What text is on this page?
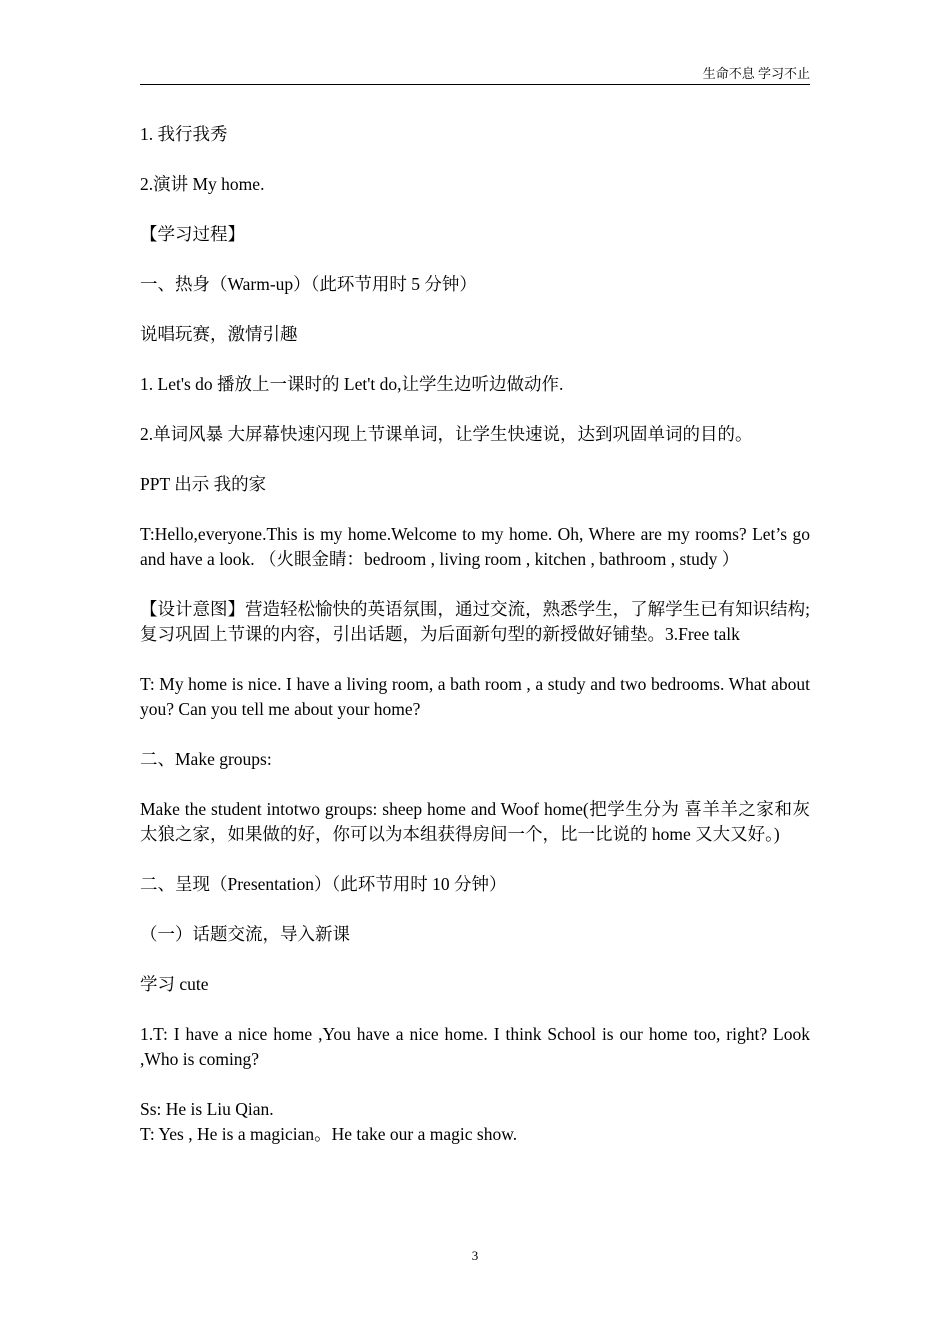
生命不息 学习不止

1. 我行我秀

2.演讲 My home.

【学习过程】

一、热身（Warm-up）（此环节用时 5 分钟）

说唱玩赛，激情引趣

1. Let's do 播放上一课时的 Let't do,让学生边听边做动作.

2.单词风暴 大屏幕快速闪现上节课单词，让学生快速说，达到巩固单词的目的。

PPT 出示 我的家

T:Hello,everyone.This is my home.Welcome to my home. Oh, Where are my rooms? Let’s go and have a look. （火眼金睛：bedroom , living room , kitchen , bathroom , study ）

【设计意图】营造轻松愉快的英语氛围，通过交流，熟悉学生，了解学生已有知识结构; 复习巩固上节课的内容，引出话题，为后面新句型的新授做好铺垫。3.Free talk

T: My home is nice. I have a living room, a bath room , a study and two bedrooms. What about you? Can you tell me about your home?

二、Make groups:

Make the student intotwo groups: sheep home and Woof home(把学生分为 喜羊羊之家和灰太狼之家，如果做的好，你可以为本组获得房间一个，比一比说的 home 又大又好。)

二、呈现（Presentation）（此环节用时 10 分钟）

（一）话题交流，导入新课

学习 cute

1.T: I have a nice home ,You have a nice home. I think School is our home too, right? Look ,Who is coming?

Ss: He is Liu Qian.

T: Yes , He is a magician。He take our a magic show.

3
